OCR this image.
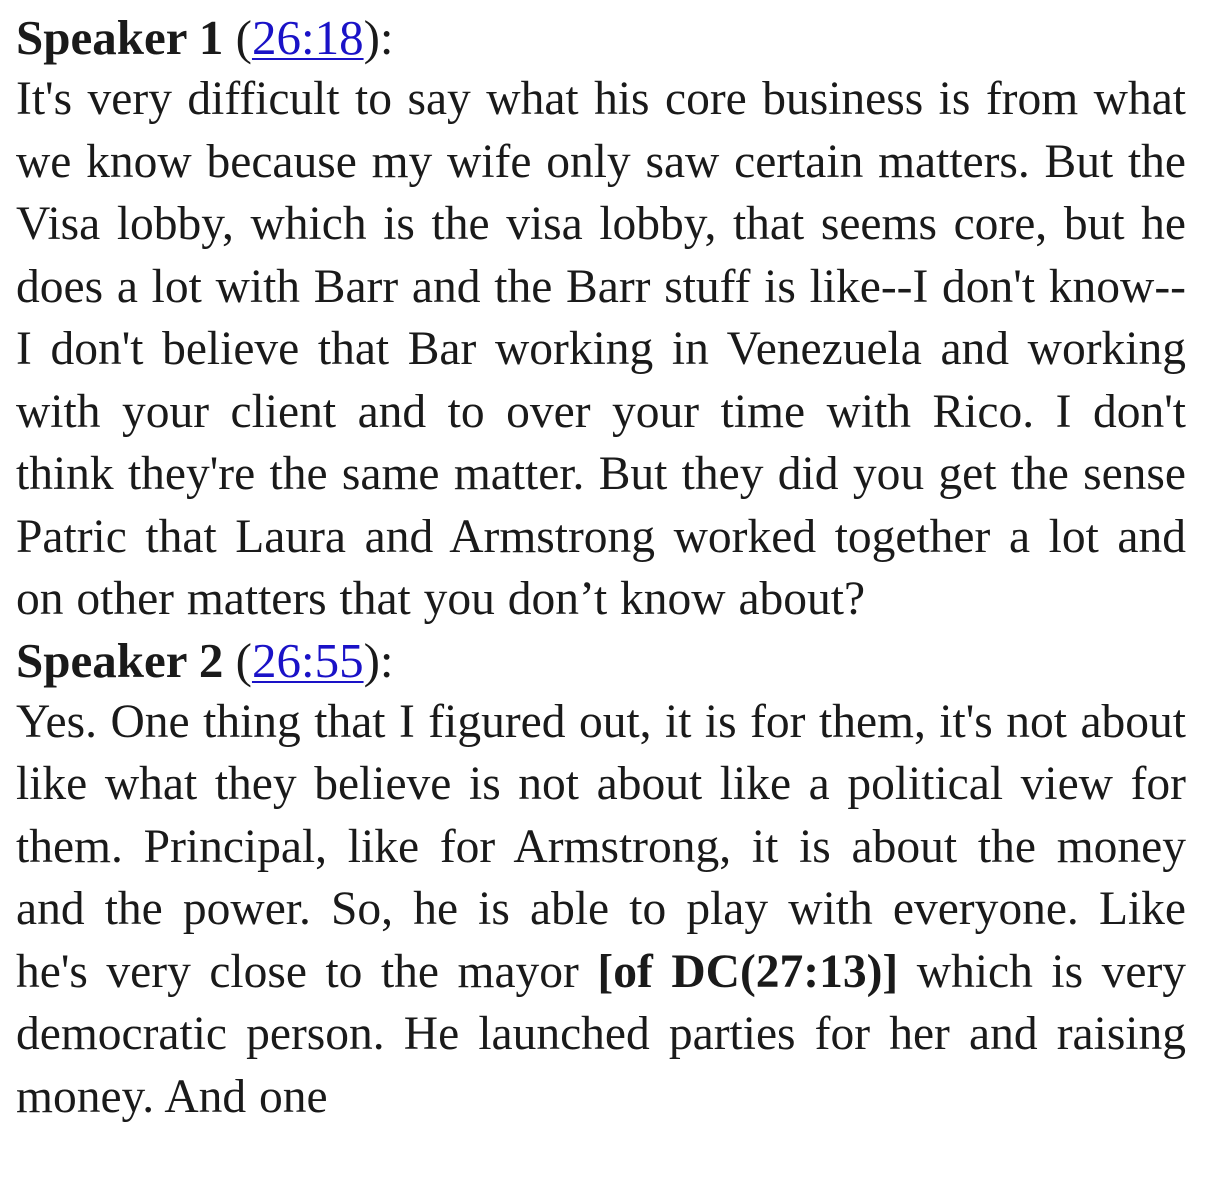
Speaker 1 (26:18):
It's very difficult to say what his core business is from what we know because my wife only saw certain matters. But the Visa lobby, which is the visa lobby, that seems core, but he does a lot with Barr and the Barr stuff is like--I don't know--I don't believe that Bar working in Venezuela and working with your client and to over your time with Rico. I don't think they're the same matter. But they did you get the sense Patric that Laura and Armstrong worked together a lot and on other matters that you don’t know about?
Speaker 2 (26:55):
Yes. One thing that I figured out, it is for them, it's not about like what they believe is not about like a political view for them. Principal, like for Armstrong, it is about the money and the power. So, he is able to play with everyone. Like he's very close to the mayor [of DC(27:13)] which is very democratic person. He launched parties for her and raising money. And one
